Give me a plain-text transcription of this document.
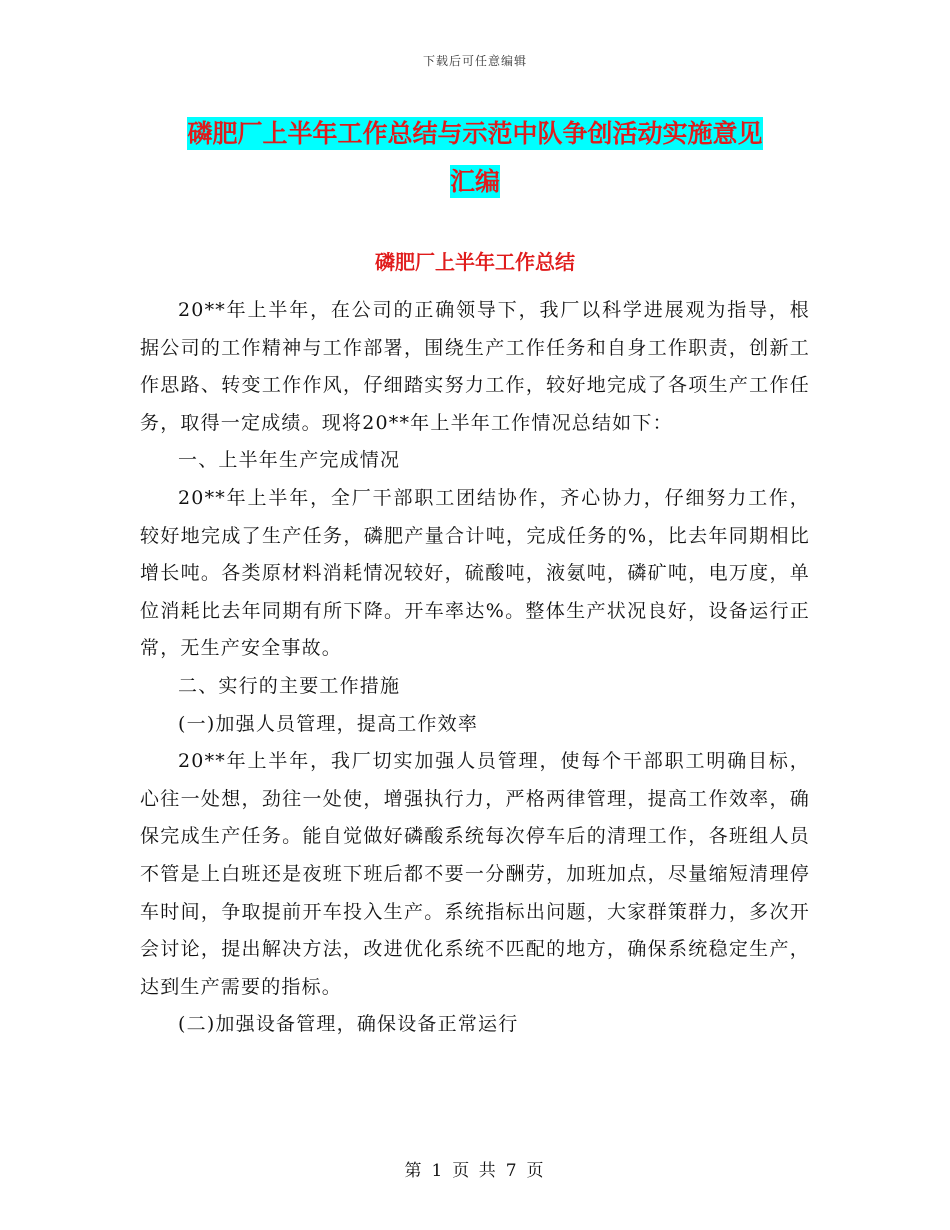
下载后可任意编辑
磷肥厂上半年工作总结与示范中队争创活动实施意见
汇编
磷肥厂上半年工作总结

20**年上半年，在公司的正确领导下，我厂以科学进展观为指导，根据公司的工作精神与工作部署，围绕生产工作任务和自身工作职责，创新工作思路、转变工作作风，仔细踏实努力工作，较好地完成了各项生产工作任务，取得一定成绩。现将20**年上半年工作情况总结如下：

一、上半年生产完成情况

20**年上半年，全厂干部职工团结协作，齐心协力，仔细努力工作，较好地完成了生产任务，磷肥产量合计吨，完成任务的%，比去年同期相比增长吨。各类原材料消耗情况较好，硫酸吨，液氨吨，磷矿吨，电万度，单位消耗比去年同期有所下降。开车率达%。整体生产状况良好，设备运行正常，无生产安全事故。

二、实行的主要工作措施

(一)加强人员管理，提高工作效率

20**年上半年，我厂切实加强人员管理，使每个干部职工明确目标，心往一处想，劲往一处使，增强执行力，严格两律管理，提高工作效率，确保完成生产任务。能自觉做好磷酸系统每次停车后的清理工作，各班组人员不管是上白班还是夜班下班后都不要一分酬劳，加班加点，尽量缩短清理停车时间，争取提前开车投入生产。系统指标出问题，大家群策群力，多次开会讨论，提出解决方法，改进优化系统不匹配的地方，确保系统稳定生产，达到生产需要的指标。

(二)加强设备管理，确保设备正常运行

第 1 页 共 7 页
